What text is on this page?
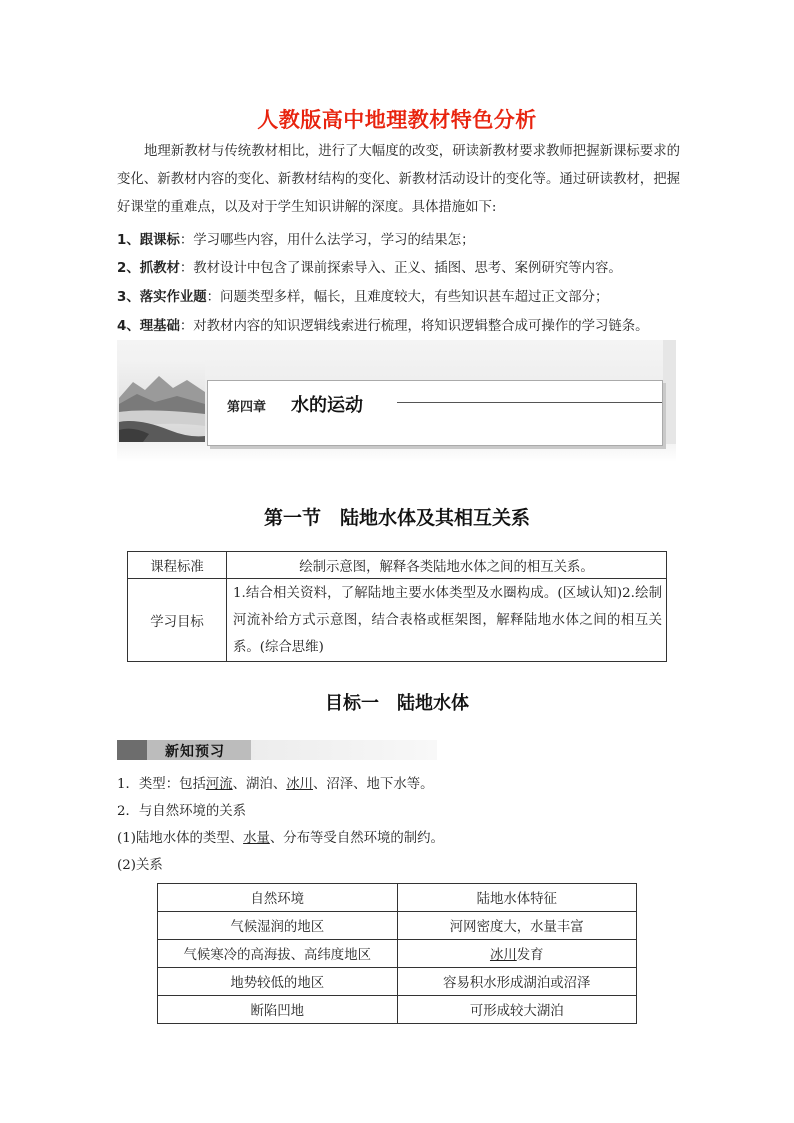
人教版高中地理教材特色分析
地理新教材与传统教材相比，进行了大幅度的改变，研读新教材要求教师把握新课标要求的变化、新教材内容的变化、新教材结构的变化、新教材活动设计的变化等。通过研读教材，把握好课堂的重难点，以及对于学生知识讲解的深度。具体措施如下:
1、跟课标：学习哪些内容，用什么法学习，学习的结果怎；
2、抓教材：教材设计中包含了课前探索导入、正义、插图、思考、案例研究等内容。
3、落实作业题：问题类型多样，幅长，且难度较大，有些知识甚车超过正文部分；
4、理基础：对教材内容的知识逻辑线索进行梳理，将知识逻辑整合成可操作的学习链条。
第四章 水的运动
第一节　陆地水体及其相互关系
课程标准	绘制示意图，解释各类陆地水体之间的相互关系。
学习目标	1.结合相关资料，了解陆地主要水体类型及水圈构成。(区域认知)2.绘制河流补给方式示意图，结合表格或框架图，解释陆地水体之间的相互关系。(综合思维)
目标一　陆地水体
新知预习
1．类型：包括河流、湖泊、冰川、沼泽、地下水等。
2．与自然环境的关系
(1)陆地水体的类型、水量、分布等受自然环境的制约。
(2)关系
自然环境	陆地水体特征
气候湿润的地区	河网密度大，水量丰富
气候寒冷的高海拔、高纬度地区	冰川发育
地势较低的地区	容易积水形成湖泊或沼泽
断陷凹地	可形成较大湖泊
